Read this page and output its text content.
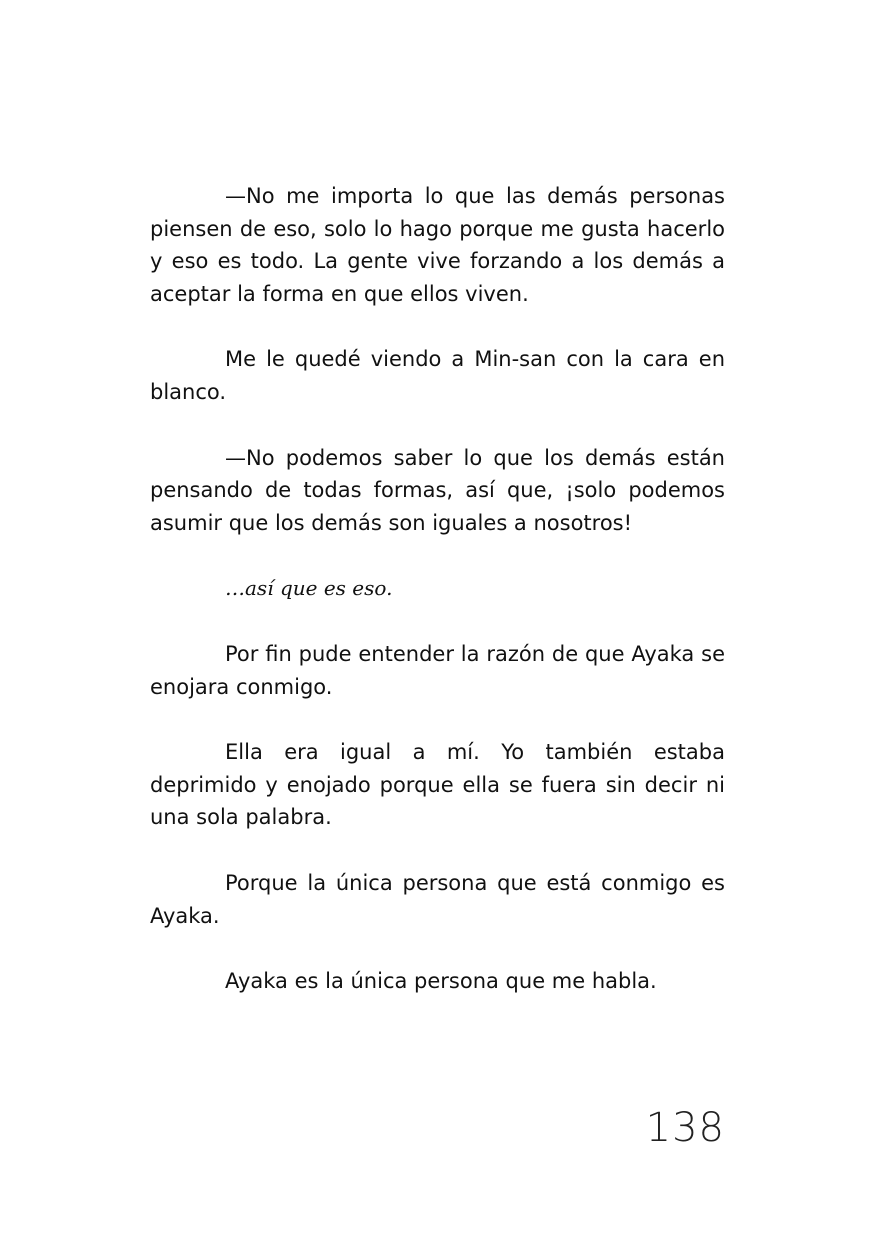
—No me importa lo que las demás personas piensen de eso, solo lo hago porque me gusta hacerlo y eso es todo. La gente vive forzando a los demás a aceptar la forma en que ellos viven.

Me le quedé viendo a Min-san con la cara en blanco.

—No podemos saber lo que los demás están pensando de todas formas, así que, ¡solo podemos asumir que los demás son iguales a nosotros!

…así que es eso.

Por fin pude entender la razón de que Ayaka se enojara conmigo.

Ella era igual a mí. Yo también estaba deprimido y enojado porque ella se fuera sin decir ni una sola palabra.

Porque la única persona que está conmigo es Ayaka.

Ayaka es la única persona que me habla.

138
